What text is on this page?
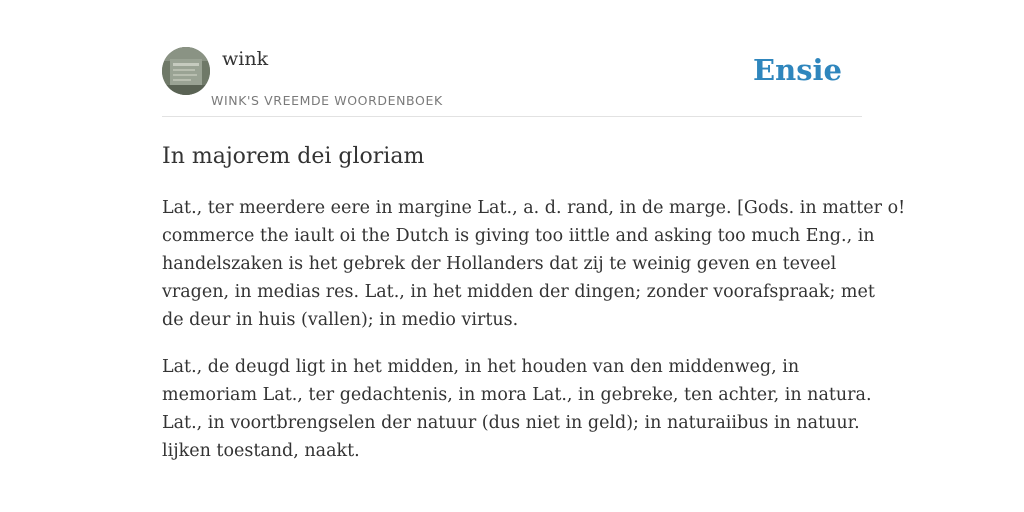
wink
WINK'S VREEMDE WOORDENBOEK
Ensie
In majorem dei gloriam

Lat., ter meerdere eere in margine Lat., a. d. rand, in de marge. [Gods. in matter o!
commerce the iault oi the Dutch is giving too iittle and asking too much Eng., in
handelszaken is het gebrek der Hollanders dat zij te weinig geven en teveel
vragen, in medias res. Lat., in het midden der dingen; zonder voorafspraak; met
de deur in huis (vallen); in medio virtus.

Lat., de deugd ligt in het midden, in het houden van den middenweg, in
memoriam Lat., ter gedachtenis, in mora Lat., in gebreke, ten achter, in natura.
Lat., in voortbrengselen der natuur (dus niet in geld); in naturaiibus in natuur.
lijken toestand, naakt.
